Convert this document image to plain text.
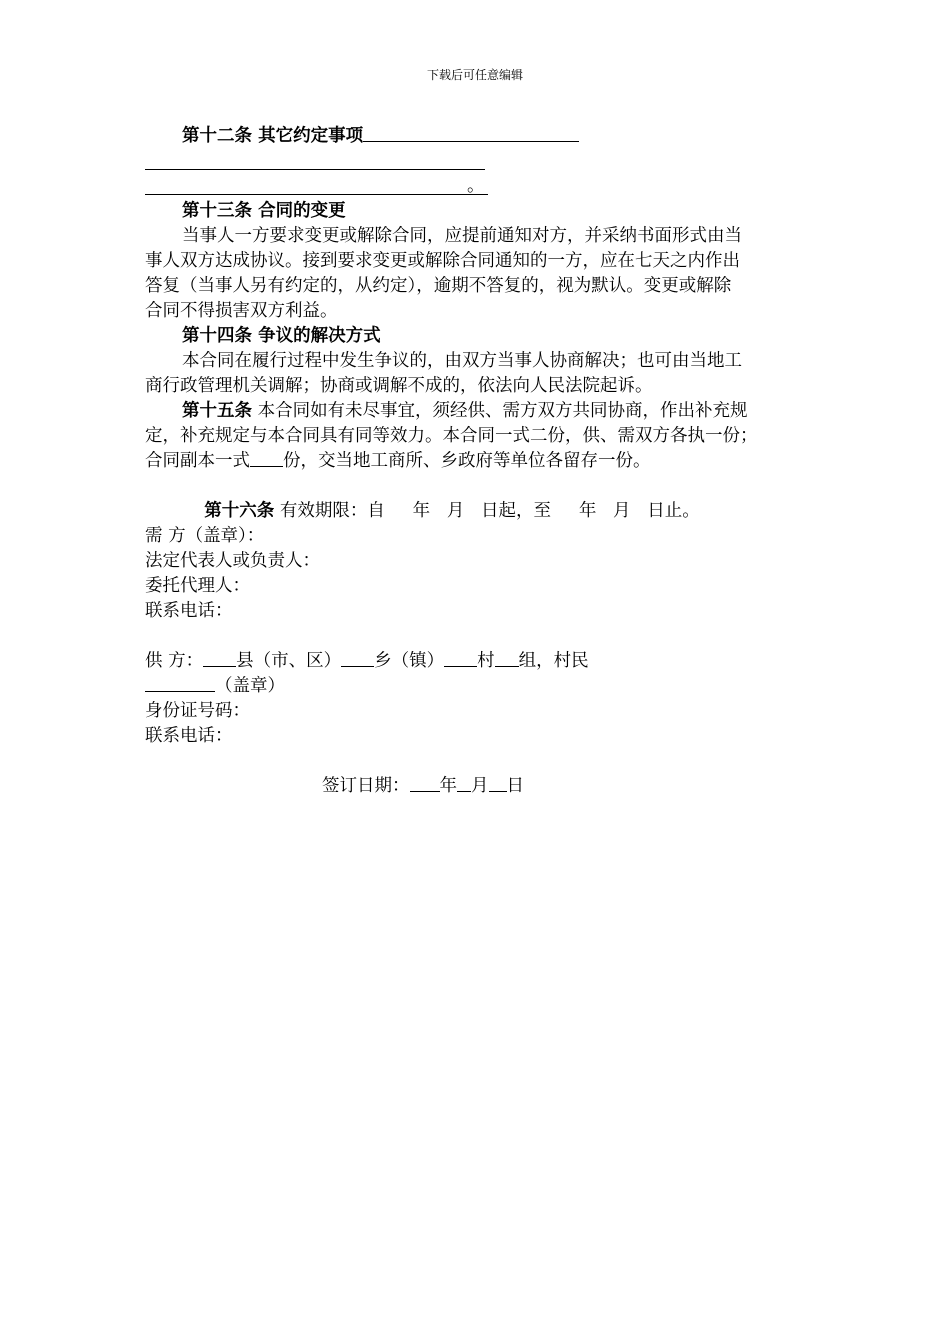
下载后可任意编辑
第十二条 其它约定事项
。
第十三条 合同的变更
当事人一方要求变更或解除合同，应提前通知对方，并采纳书面形式由当
事人双方达成协议。接到要求变更或解除合同通知的一方，应在七天之内作出
答复（当事人另有约定的，从约定），逾期不答复的，视为默认。变更或解除
合同不得损害双方利益。
第十四条 争议的解决方式
本合同在履行过程中发生争议的，由双方当事人协商解决；也可由当地工
商行政管理机关调解；协商或调解不成的，依法向人民法院起诉。
第十五条 本合同如有未尽事宜，须经供、需方双方共同协商，作出补充规
定，补充规定与本合同具有同等效力。本合同一式二份，供、需双方各执一份；
合同副本一式 份，交当地工商所、乡政府等单位各留存一份。

第十六条 有效期限：自     年   月   日起，至     年   月   日止。

需 方（盖章）：
法定代表人或负责人：
委托代理人：
联系电话：
供 方： 县（市、区） 乡（镇） 村 组，村民
（盖章）
身份证号码：
联系电话：
签订日期： 年 月 日
